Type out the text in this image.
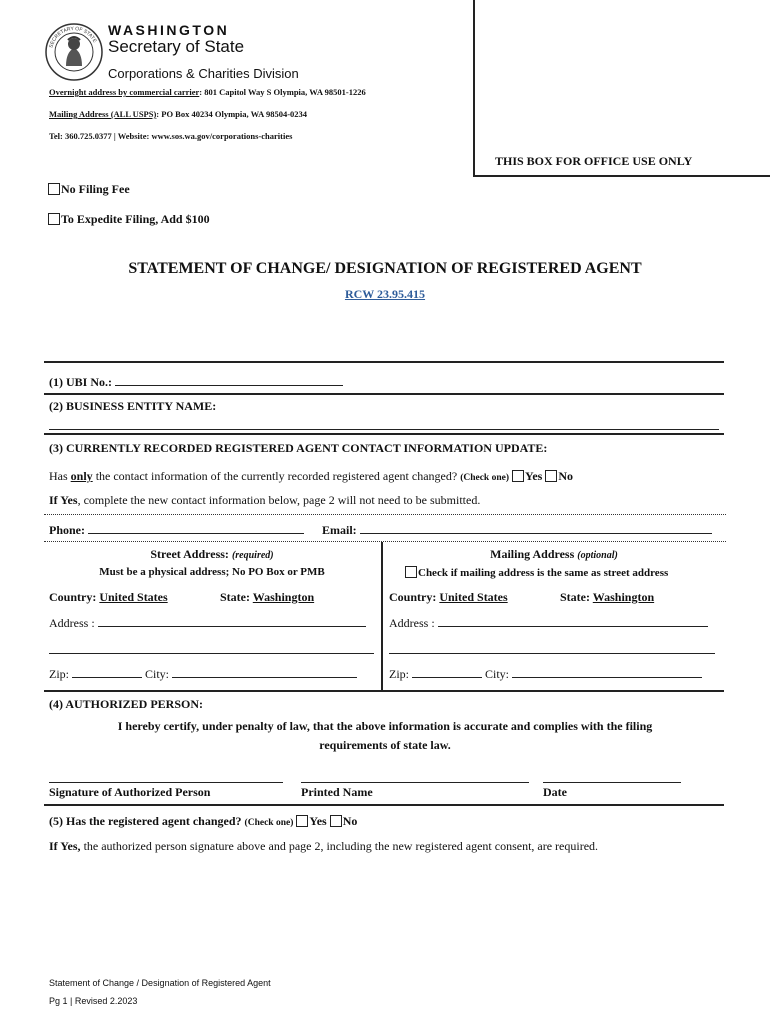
SECRETARY OF STATE
WASHINGTON
Secretary of State
Corporations & Charities Division
Overnight address by commercial carrier: 801 Capitol Way S Olympia, WA 98501-1226
Mailing Address (ALL USPS): PO Box 40234 Olympia, WA 98504-0234
Tel: 360.725.0377 | Website: www.sos.wa.gov/corporations-charities
THIS BOX FOR OFFICE USE ONLY
No Filing Fee
To Expedite Filing, Add $100
STATEMENT OF CHANGE/ DESIGNATION OF REGISTERED AGENT
RCW 23.95.415
(1) UBI No.:
(2) BUSINESS ENTITY NAME:
(3) CURRENTLY RECORDED REGISTERED AGENT CONTACT INFORMATION UPDATE:
Has only the contact information of the currently recorded registered agent changed? (Check one) Yes No
If Yes, complete the new contact information below, page 2 will not need to be submitted.
Phone:	Email:
Street Address: (required)
Must be a physical address; No PO Box or PMB
Country: United States	State: Washington
Address :
Zip:	City:
Mailing Address (optional)
Check if mailing address is the same as street address
Country: United States	State: Washington
Address :
Zip:	City:
(4) AUTHORIZED PERSON:
I hereby certify, under penalty of law, that the above information is accurate and complies with the filing
requirements of state law.
Signature of Authorized Person	Printed Name	Date
(5) Has the registered agent changed? (Check one) Yes No
If Yes, the authorized person signature above and page 2, including the new registered agent consent, are required.
Statement of Change / Designation of Registered Agent
Pg 1 | Revised 2.2023
